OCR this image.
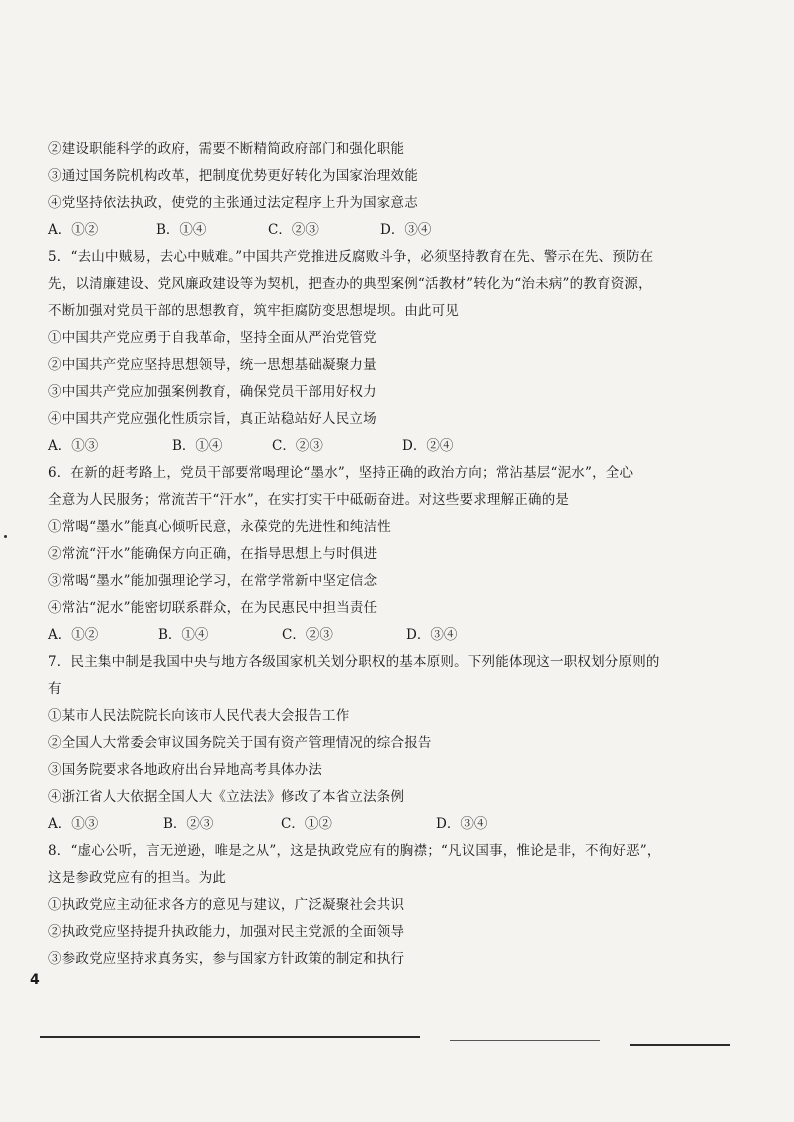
②建设职能科学的政府，需要不断精简政府部门和强化职能
③通过国务院机构改革，把制度优势更好转化为国家治理效能
④党坚持依法执政，使党的主张通过法定程序上升为国家意志
A．①②	B．①④	C．②③	D．③④
5．“去山中贼易，去心中贼难。”中国共产党推进反腐败斗争，必须坚持教育在先、警示在先、预防在
先，以清廉建设、党风廉政建设等为契机，把查办的典型案例“活教材”转化为“治未病”的教育资源，
不断加强对党员干部的思想教育，筑牢拒腐防变思想堤坝。由此可见
①中国共产党应勇于自我革命，坚持全面从严治党管党
②中国共产党应坚持思想领导，统一思想基础凝聚力量
③中国共产党应加强案例教育，确保党员干部用好权力
④中国共产党应强化性质宗旨，真正站稳站好人民立场
A．①③	B．①④	C．②③	D．②④
6．在新的赶考路上，党员干部要常喝理论“墨水”，坚持正确的政治方向；常沾基层“泥水”，全心
全意为人民服务；常流苦干“汗水”，在实打实干中砥砺奋进。对这些要求理解正确的是
①常喝“墨水”能真心倾听民意，永葆党的先进性和纯洁性
②常流“汗水”能确保方向正确，在指导思想上与时俱进
③常喝“墨水”能加强理论学习，在常学常新中坚定信念
④常沾“泥水”能密切联系群众，在为民惠民中担当责任
A．①②	B．①④	C．②③	D．③④
7．民主集中制是我国中央与地方各级国家机关划分职权的基本原则。下列能体现这一职权划分原则的
有
①某市人民法院院长向该市人民代表大会报告工作
②全国人大常委会审议国务院关于国有资产管理情况的综合报告
③国务院要求各地政府出台异地高考具体办法
④浙江省人大依据全国人大《立法法》修改了本省立法条例
A．①③	B．②③	C．①②	D．③④
8．“虚心公听，言无逆逊，唯是之从”，这是执政党应有的胸襟；“凡议国事，惟论是非，不徇好恶”，
这是参政党应有的担当。为此
①执政党应主动征求各方的意见与建议，广泛凝聚社会共识
②执政党应坚持提升执政能力，加强对民主党派的全面领导
③参政党应坚持求真务实，参与国家方针政策的制定和执行
4
